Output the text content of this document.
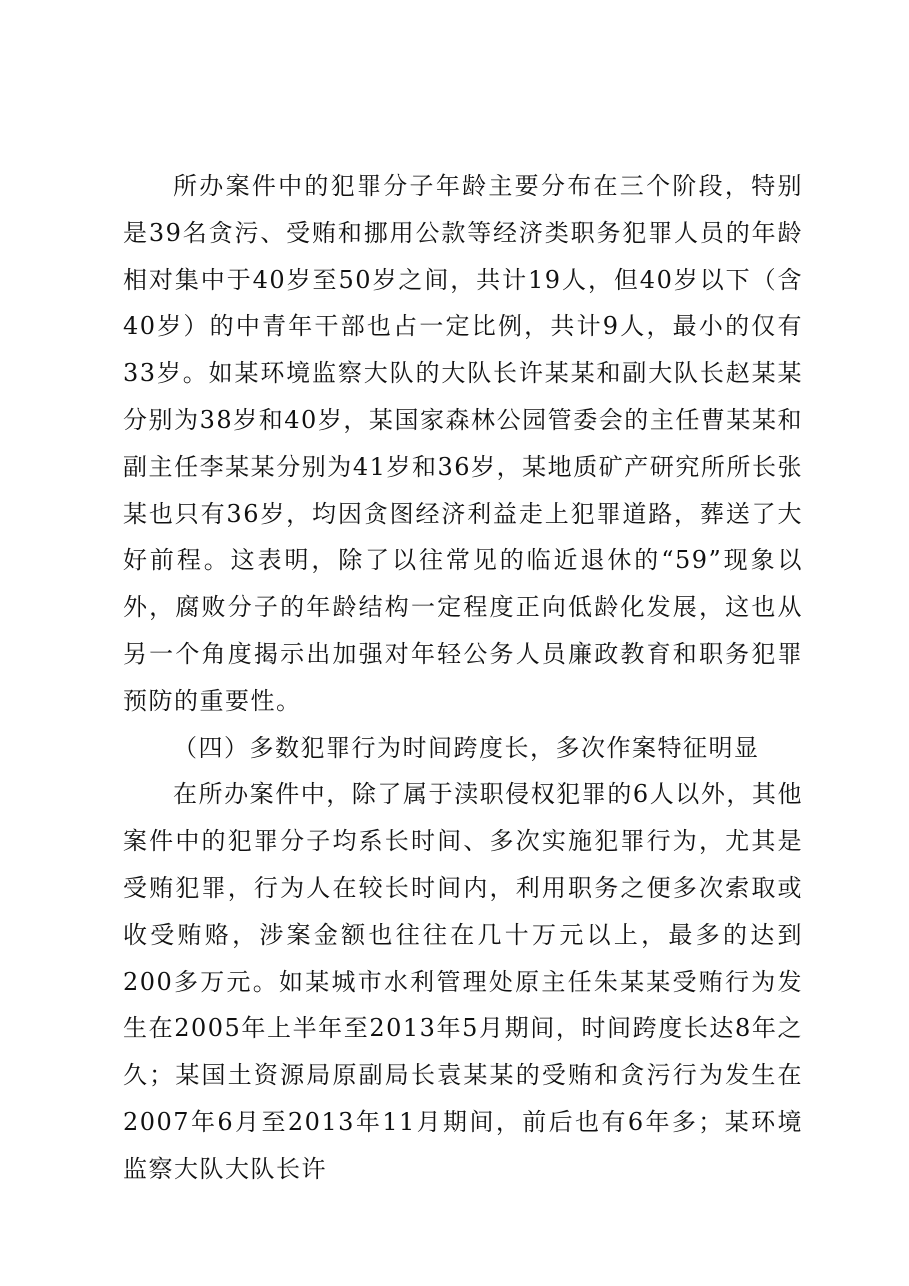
所办案件中的犯罪分子年龄主要分布在三个阶段，特别是39名贪污、受贿和挪用公款等经济类职务犯罪人员的年龄相对集中于40岁至50岁之间，共计19人，但40岁以下（含40岁）的中青年干部也占一定比例，共计9人，最小的仅有33岁。如某环境监察大队的大队长许某某和副大队长赵某某分别为38岁和40岁，某国家森林公园管委会的主任曹某某和副主任李某某分别为41岁和36岁，某地质矿产研究所所长张某也只有36岁，均因贪图经济利益走上犯罪道路，葬送了大好前程。这表明，除了以往常见的临近退休的“59”现象以外，腐败分子的年龄结构一定程度正向低龄化发展，这也从另一个角度揭示出加强对年轻公务人员廉政教育和职务犯罪预防的重要性。

（四）多数犯罪行为时间跨度长，多次作案特征明显

在所办案件中，除了属于渎职侵权犯罪的6人以外，其他案件中的犯罪分子均系长时间、多次实施犯罪行为，尤其是受贿犯罪，行为人在较长时间内，利用职务之便多次索取或收受贿赂，涉案金额也往往在几十万元以上，最多的达到200多万元。如某城市水利管理处原主任朱某某受贿行为发生在2005年上半年至2013年5月期间，时间跨度长达8年之久；某国土资源局原副局长袁某某的受贿和贪污行为发生在2007年6月至2013年11月期间，前后也有6年多；某环境监察大队大队长许
